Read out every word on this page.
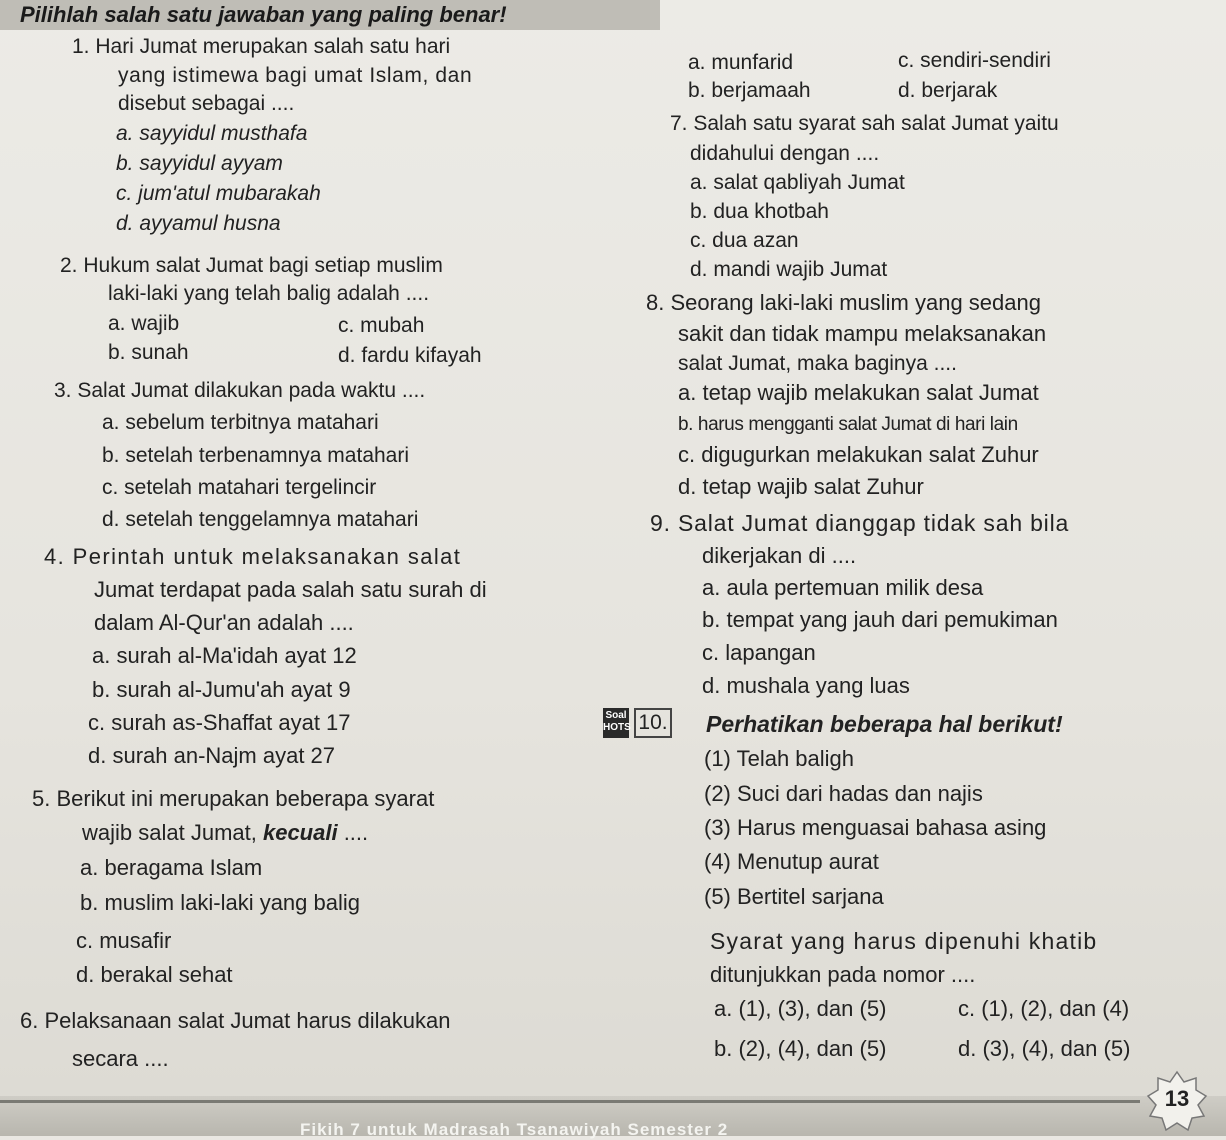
Pilihlah salah satu jawaban yang paling benar!
1. Hari Jumat merupakan salah satu hari
yang istimewa bagi umat Islam, dan
disebut sebagai ....
a. sayyidul musthafa
b. sayyidul ayyam
c. jum'atul mubarakah
d. ayyamul husna
2. Hukum salat Jumat bagi setiap muslim
laki-laki yang telah balig adalah ....
a. wajib	c. mubah
b. sunah	d. fardu kifayah
3. Salat Jumat dilakukan pada waktu ....
a. sebelum terbitnya matahari
b. setelah terbenamnya matahari
c. setelah matahari tergelincir
d. setelah tenggelamnya matahari
4. Perintah untuk melaksanakan salat
Jumat terdapat pada salah satu surah di
dalam Al-Qur'an adalah ....
a. surah al-Ma'idah ayat 12
b. surah al-Jumu'ah ayat 9
c. surah as-Shaffat ayat 17
d. surah an-Najm ayat 27
5. Berikut ini merupakan beberapa syarat
wajib salat Jumat, kecuali ....
a. beragama Islam
b. muslim laki-laki yang balig
c. musafir
d. berakal sehat
6. Pelaksanaan salat Jumat harus dilakukan
secara ....
a. munfarid	c. sendiri-sendiri
b. berjamaah	d. berjarak
7. Salah satu syarat sah salat Jumat yaitu
didahului dengan ....
a. salat qabliyah Jumat
b. dua khotbah
c. dua azan
d. mandi wajib Jumat
8. Seorang laki-laki muslim yang sedang
sakit dan tidak mampu melaksanakan
salat Jumat, maka baginya ....
a. tetap wajib melakukan salat Jumat
b. harus mengganti salat Jumat di hari lain
c. digugurkan melakukan salat Zuhur
d. tetap wajib salat Zuhur
9. Salat Jumat dianggap tidak sah bila
dikerjakan di ....
a. aula pertemuan milik desa
b. tempat yang jauh dari pemukiman
c. lapangan
d. mushala yang luas
Soal
HOTS 10. Perhatikan beberapa hal berikut!
(1) Telah baligh
(2) Suci dari hadas dan najis
(3) Harus menguasai bahasa asing
(4) Menutup aurat
(5) Bertitel sarjana
Syarat yang harus dipenuhi khatib
ditunjukkan pada nomor ....
a. (1), (3), dan (5)	c. (1), (2), dan (4)
b. (2), (4), dan (5)	d. (3), (4), dan (5)
Fikih 7 untuk Madrasah Tsanawiyah Semester 2
13
